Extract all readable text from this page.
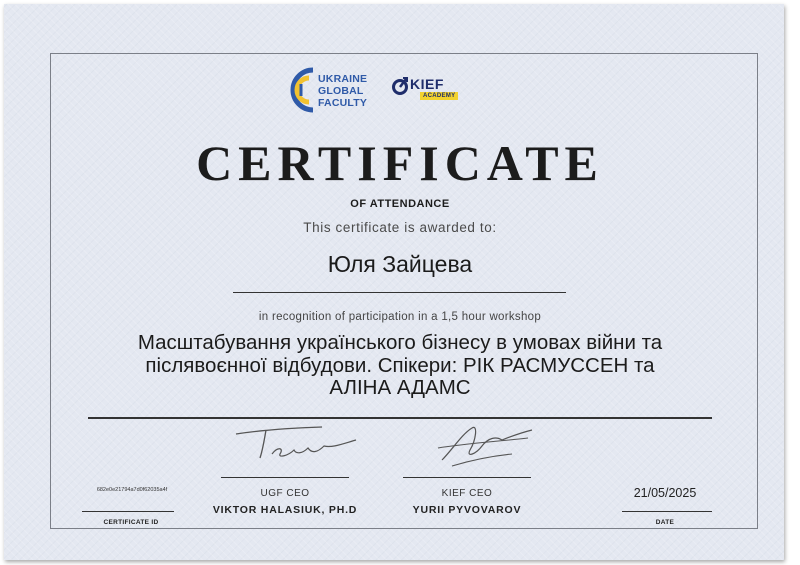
UKRAINE
GLOBAL
FACULTY
KIEF
ACADEMY
CERTIFICATE
OF ATTENDANCE
This certificate is awarded to:
Юля Зайцева
in recognition of participation in a 1,5 hour workshop
Масштабування українського бізнесу в умовах війни та
післявоєнної відбудови. Спікери: РІК РАСМУССЕН та
АЛІНА АДАМС
UGF CEO
VIKTOR HALASIUK, PH.D
KIEF CEO
YURII PYVOVAROV
682e0e21794a7d0f62035a4f
CERTIFICATE ID
21/05/2025
DATE
